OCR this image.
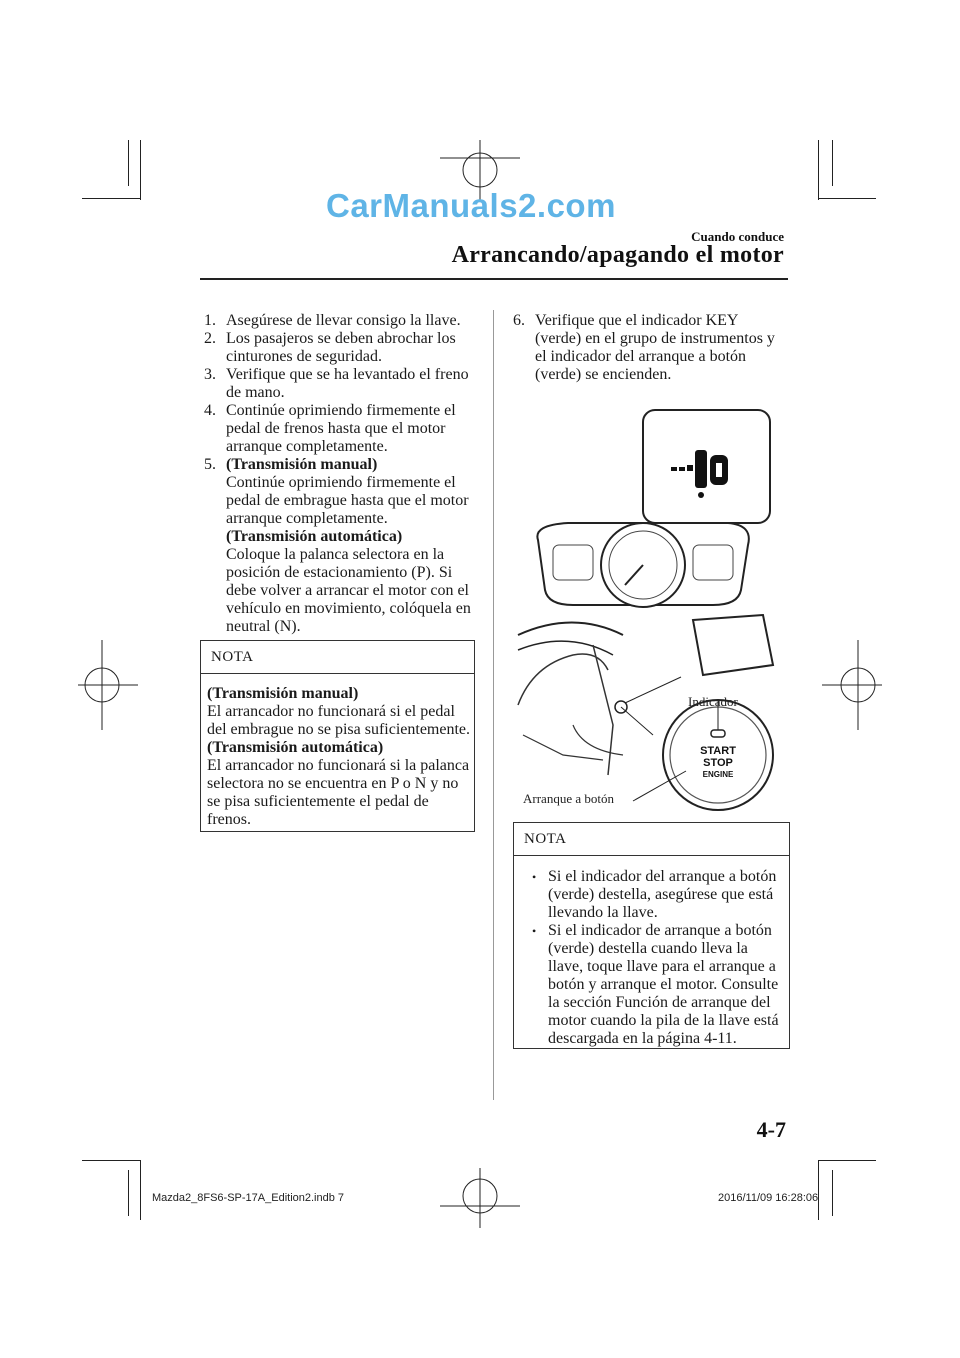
CarManuals2.com
Cuando conduce
Arrancando/apagando el motor
1. Asegúrese de llevar consigo la llave.
2. Los pasajeros se deben abrochar los cinturones de seguridad.
3. Verifique que se ha levantado el freno de mano.
4. Continúe oprimiendo firmemente el pedal de frenos hasta que el motor arranque completamente.
5. (Transmisión manual)
Continúe oprimiendo firmemente el pedal de embrague hasta que el motor arranque completamente.
(Transmisión automática)
Coloque la palanca selectora en la posición de estacionamiento (P). Si debe volver a arrancar el motor con el vehículo en movimiento, colóquela en neutral (N).
NOTA
(Transmisión manual)
El arrancador no funcionará si el pedal del embrague no se pisa suficientemente.
(Transmisión automática)
El arrancador no funcionará si la palanca selectora no se encuentra en P o N y no se pisa suficientemente el pedal de frenos.
6. Verifique que el indicador KEY (verde) en el grupo de instrumentos y el indicador del arranque a botón (verde) se encienden.
START
STOP
ENGINE
Indicador
Arranque a botón
NOTA
• Si el indicador del arranque a botón (verde) destella, asegúrese que está llevando la llave.
• Si el indicador de arranque a botón (verde) destella cuando lleva la llave, toque llave para el arranque a botón y arranque el motor. Consulte la sección Función de arranque del motor cuando la pila de la llave está descargada en la página 4-11.
4-7
Mazda2_8FS6-SP-17A_Edition2.indb 7	2016/11/09 16:28:06
